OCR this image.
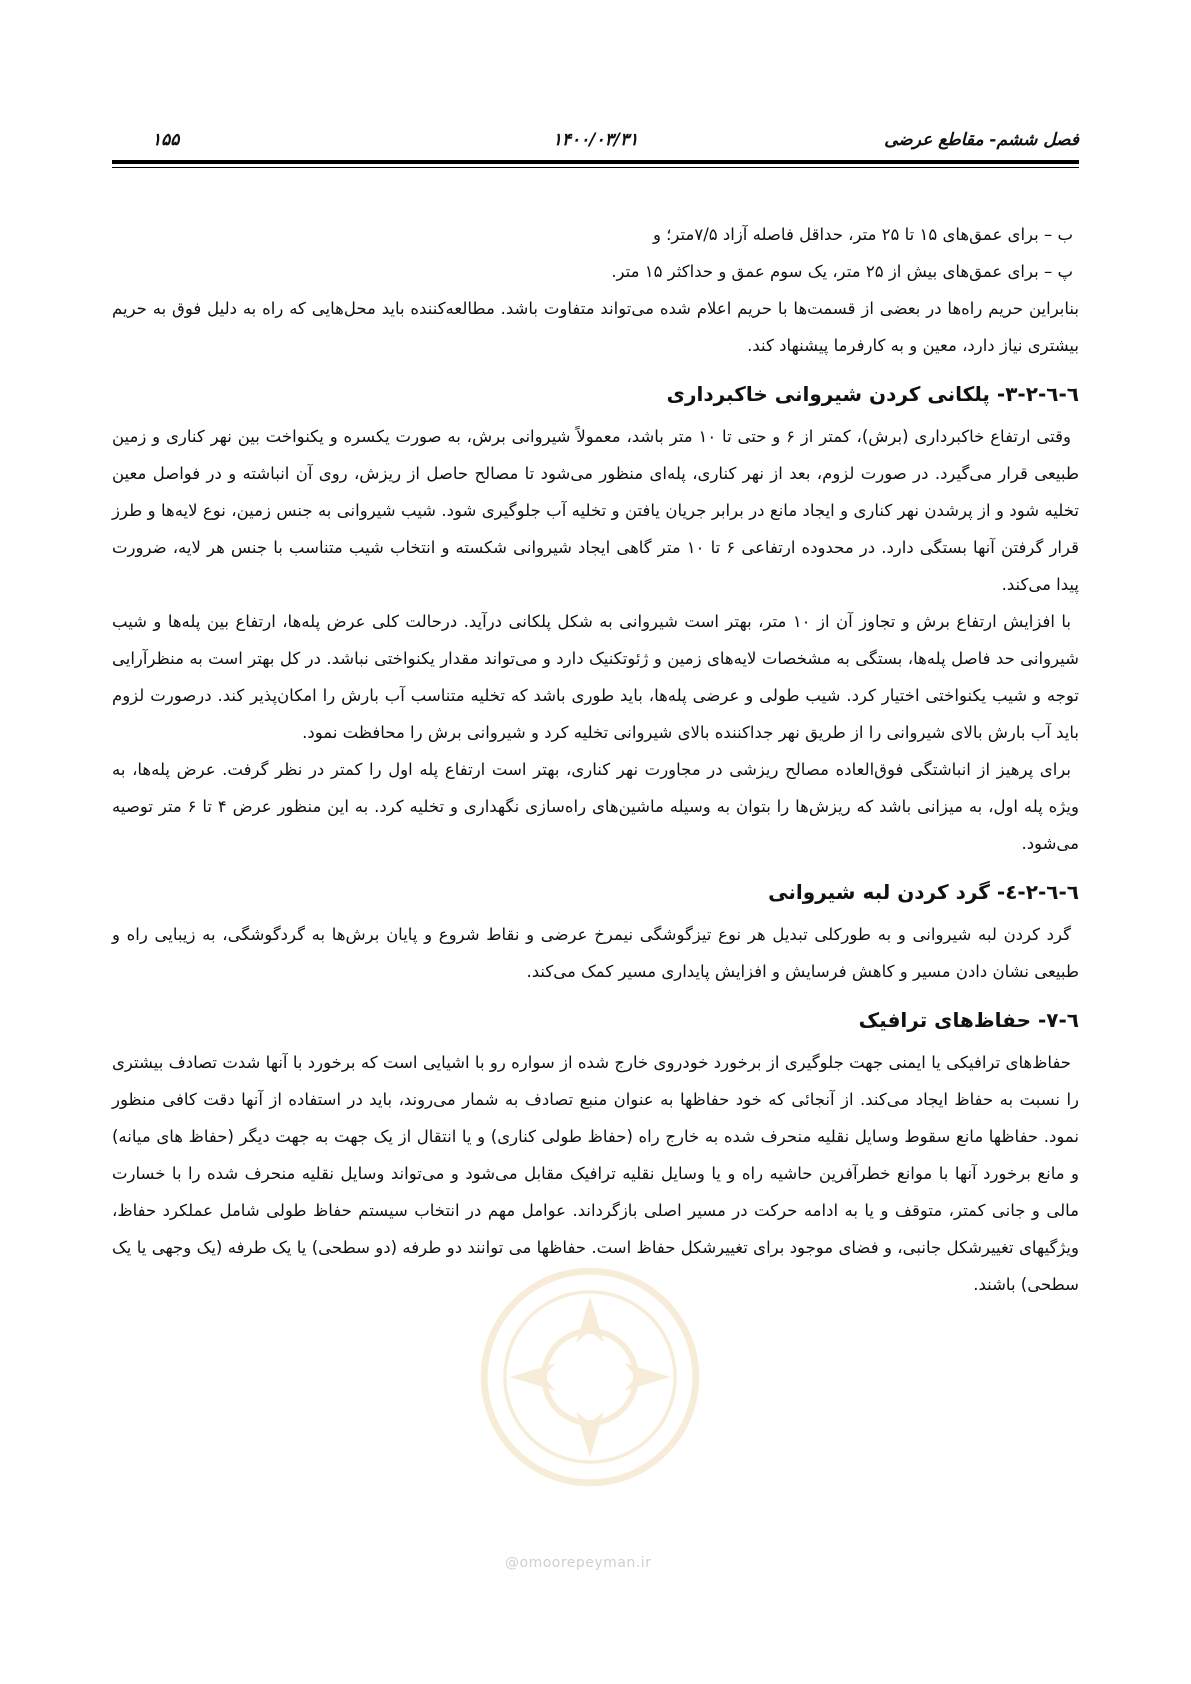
فصل ششم- مقاطع عرضی
۱۴۰۰/۰۳/۳۱
۱۵۵
@omoorepeyman.ir

ب – برای عمق‌های ۱۵ تا ۲۵ متر، حداقل فاصله آزاد ۷/۵متر؛ و

پ – برای عمق‌های بیش از ۲۵ متر، یک سوم عمق و حداکثر ۱۵ متر.

بنابراین حریم راه‌ها در بعضی از قسمت‌ها با حریم اعلام شده می‌تواند متفاوت باشد. مطالعه‌کننده باید محل‌هایی که راه به دلیل فوق به حریم بیشتری نیاز دارد، معین و به کارفرما پیشنهاد کند.

٦-٦-٢-٣- پلکانی کردن شیروانی خاکبرداری

وقتی ارتفاع خاکبرداری (برش)، کمتر از ۶ و حتی تا ۱۰ متر باشد، معمولاً شیروانی برش، به صورت یکسره و یکنواخت بین نهر کناری و زمین طبیعی قرار می‌گیرد. در صورت لزوم، بعد از نهر کناری، پله‌ای منظور می‌شود تا مصالح حاصل از ریزش، روی آن انباشته و در فواصل معین تخلیه شود و از پرشدن نهر کناری و ایجاد مانع در برابر جریان یافتن و تخلیه آب جلوگیری شود. شیب شیروانی به جنس زمین، نوع لایه‌ها و طرز قرار گرفتن آنها بستگی دارد. در محدوده ارتفاعی ۶ تا ۱۰ متر گاهی ایجاد شیروانی شکسته و انتخاب شیب متناسب با جنس هر لایه، ضرورت پیدا می‌کند.

با افزایش ارتفاع برش و تجاوز آن از ۱۰ متر، بهتر است شیروانی به شکل پلکانی درآید. درحالت کلی عرض پله‌ها، ارتفاع بین پله‌ها و شیب شیروانی حد فاصل پله‌ها، بستگی به مشخصات لایه‌های زمین و ژئوتکنیک دارد و می‌تواند مقدار یکنواختی نباشد. در کل بهتر است به منظرآرایی توجه و شیب یکنواختی اختیار کرد. شیب طولی و عرضی پله‌ها، باید طوری باشد که تخلیه متناسب آب بارش را امکان‌پذیر کند. درصورت لزوم باید آب بارش بالای شیروانی را از طریق نهر جداکننده بالای شیروانی تخلیه کرد و شیروانی برش را محافظت نمود.

برای پرهیز از انباشتگی فوق‌العاده مصالح ریزشی در مجاورت نهر کناری، بهتر است ارتفاع پله اول را کمتر در نظر گرفت. عرض پله‌ها، به ویژه پله اول، به میزانی باشد که ریزش‌ها را بتوان به وسیله ماشین‌های راه‌سازی نگهداری و تخلیه کرد. به این منظور عرض ۴ تا ۶ متر توصیه می‌شود.

٦-٦-٢-٤- گرد کردن لبه شیروانی

گرد کردن لبه شیروانی و به طورکلی تبدیل هر نوع تیزگوشگی نیمرخ عرضی و نقاط شروع و پایان برش‌ها به گردگوشگی، به زیبایی راه و طبیعی نشان دادن مسیر و کاهش فرسایش و افزایش پایداری مسیر کمک می‌کند.

٦-٧- حفاظ‌های ترافیک

حفاظ‌های ترافیکی یا ایمنی جهت جلوگیری از برخورد خودروی خارج شده از سواره رو با اشیایی است که برخورد با آنها شدت تصادف بیشتری را نسبت به حفاظ ایجاد می‌کند. از آنجائی که خود حفاظها به عنوان منبع تصادف به شمار می‌روند، باید در استفاده از آنها دقت کافی منظور نمود. حفاظها مانع سقوط وسایل نقلیه منحرف شده به خارج راه (حفاظ طولی کناری) و یا انتقال از یک جهت به جهت دیگر (حفاظ های میانه) و مانع برخورد آنها با موانع خطرآفرین حاشیه راه و یا وسایل نقلیه ترافیک مقابل می‌شود و می‌تواند وسایل نقلیه منحرف شده را با خسارت مالی و جانی کمتر، متوقف و یا به ادامه حرکت در مسیر اصلی بازگرداند. عوامل مهم در انتخاب سیستم حفاظ طولی شامل عملکرد حفاظ، ویژگیهای تغییرشکل جانبی، و فضای موجود برای تغییرشکل حفاظ است. حفاظها می توانند دو طرفه (دو سطحی) یا یک طرفه (یک وجهی یا یک سطحی) باشند.
